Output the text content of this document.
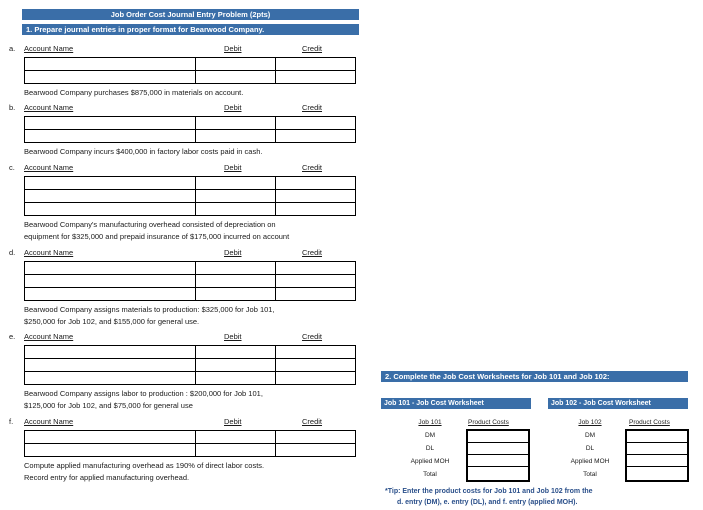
Job Order Cost Journal Entry Problem (2pts)
1. Prepare journal entries in proper format for Bearwood Company.
a. Account Name	Debit	Credit
Bearwood Company purchases $875,000 in materials on account.
b. Account Name	Debit	Credit
Bearwood Company incurs $400,000 in factory labor costs paid in cash.
c. Account Name	Debit	Credit
Bearwood Company's manufacturing overhead consisted of depreciation on
equipment for $325,000 and prepaid insurance of $175,000 incurred on account
d. Account Name	Debit	Credit
Bearwood Company assigns materials to production: $325,000 for Job 101,
$250,000 for Job 102, and $155,000 for general use.
e. Account Name	Debit	Credit
Bearwood Company assigns labor to production : $200,000 for Job 101,
$125,000 for Job 102, and $75,000 for general use
f. Account Name	Debit	Credit
Compute applied manufacturing overhead as 190% of direct labor costs.
Record entry for applied manufacturing overhead.
2. Complete the Job Cost Worksheets for Job 101 and Job 102:
Job 101 - Job Cost Worksheet
Job 101	Product Costs
DM
DL
Applied MOH
Total
Job 102 - Job Cost Worksheet
Job 102	Product Costs
DM
DL
Applied MOH
Total
*Tip: Enter the product costs for Job 101 and Job 102 from the
d. entry (DM), e. entry (DL), and f. entry (applied MOH).
